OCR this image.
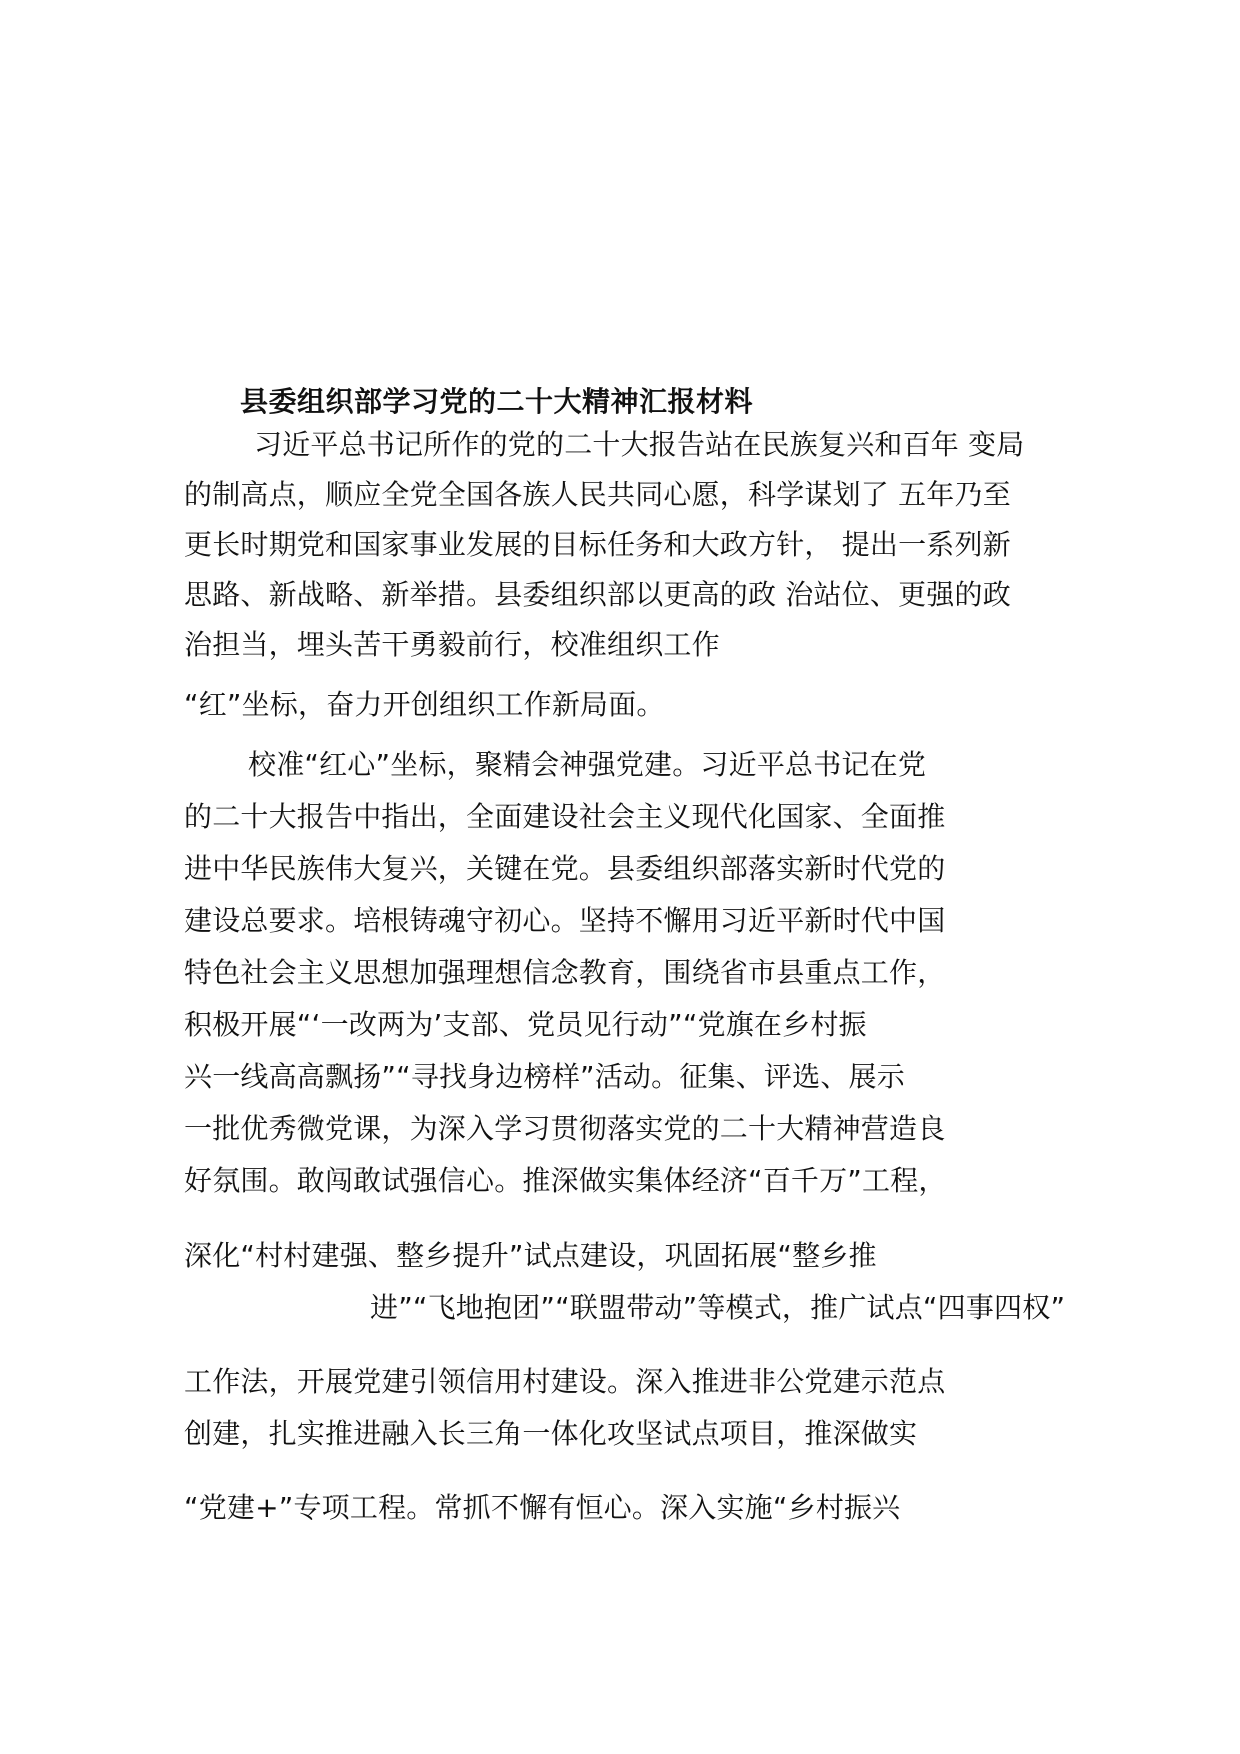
县委组织部学习党的二十大精神汇报材料
习近平总书记所作的党的二十大报告站在民族复兴和百年 变局
的制高点，顺应全党全国各族人民共同心愿，科学谋划了 五年乃至
更长时期党和国家事业发展的目标任务和大政方针， 提出一系列新
思路、新战略、新举措。县委组织部以更高的政 治站位、更强的政
治担当，埋头苦干勇毅前行，校准组织工作
“红”坐标，奋力开创组织工作新局面。
校准“红心”坐标，聚精会神强党建。习近平总书记在党
的二十大报告中指出，全面建设社会主义现代化国家、全面推
进中华民族伟大复兴，关键在党。县委组织部落实新时代党的
建设总要求。培根铸魂守初心。坚持不懈用习近平新时代中国
特色社会主义思想加强理想信念教育，围绕省市县重点工作，
积极开展“‘一改两为’支部、党员见行动”“党旗在乡村振
兴一线高高飘扬”“寻找身边榜样”活动。征集、评选、展示
一批优秀微党课，为深入学习贯彻落实党的二十大精神营造良
好氛围。敢闯敢试强信心。推深做实集体经济“百千万”工程，
深化“村村建强、整乡提升”试点建设，巩固拓展“整乡推
进”“飞地抱团”“联盟带动”等模式，推广试点“四事四权”
工作法，开展党建引领信用村建设。深入推进非公党建示范点
创建，扎实推进融入长三角一体化攻坚试点项目，推深做实
“党建+”专项工程。常抓不懈有恒心。深入实施“乡村振兴
